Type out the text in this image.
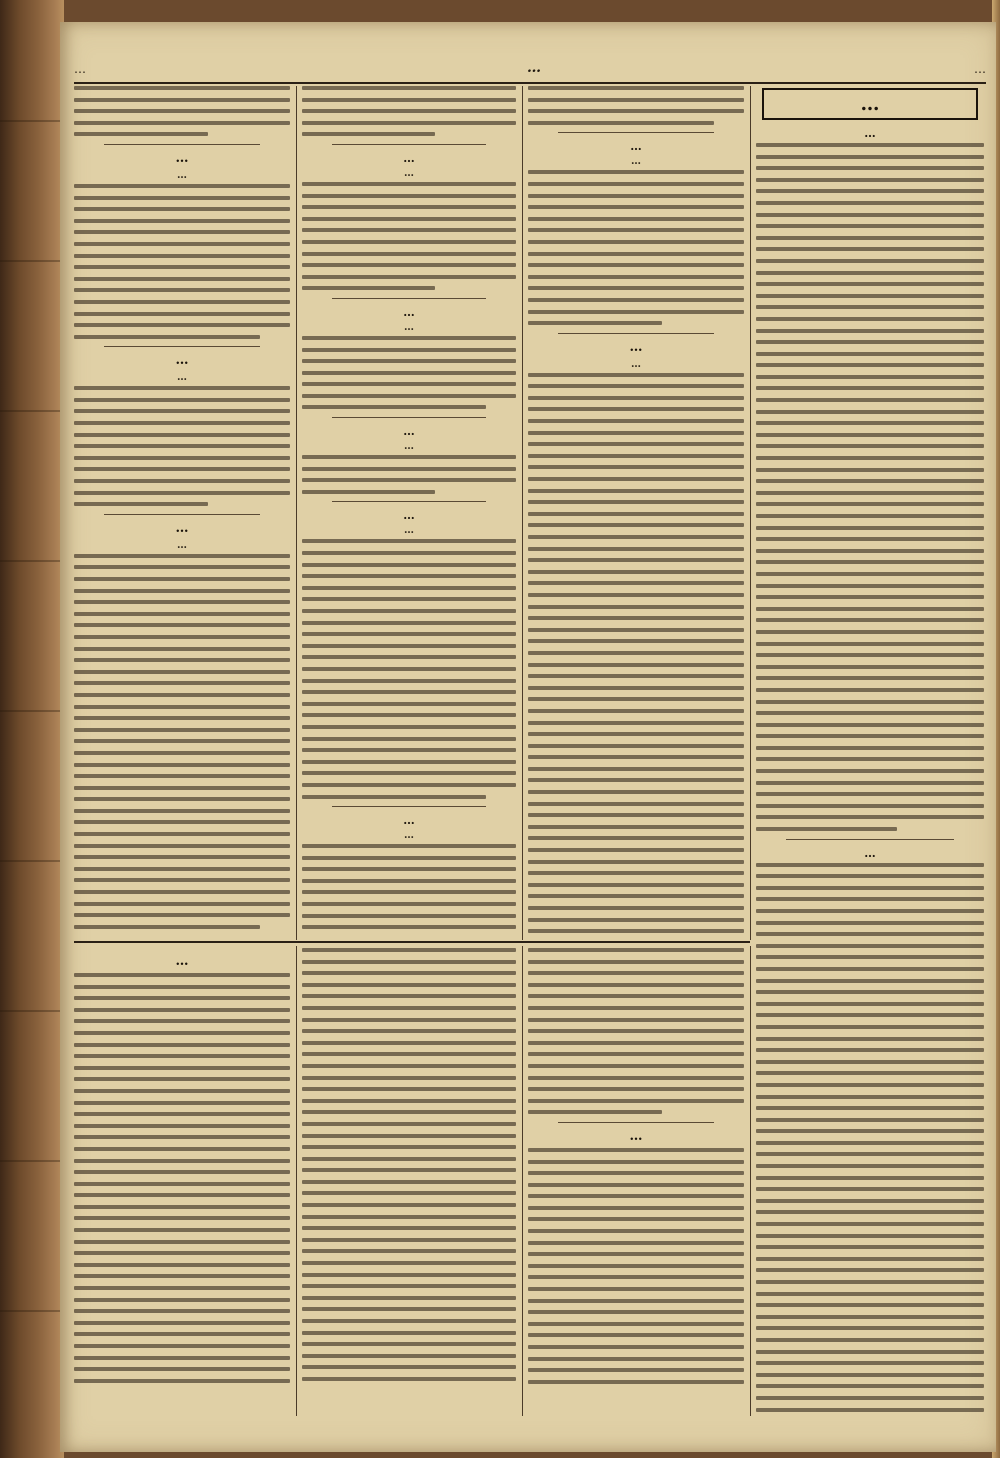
…	…	…
…
…
…
…
…
…
…
…
…
…
…
…
…
…
…
…
…
…
…
…
…
…
…
…
…
